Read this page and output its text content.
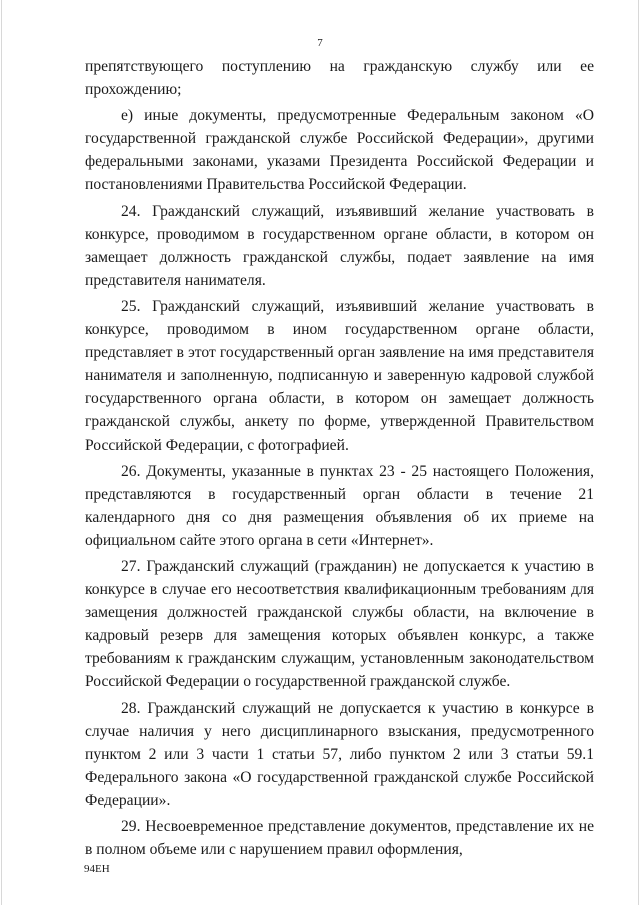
7

препятствующего поступлению на гражданскую службу или ее
прохождению;

е) иные документы, предусмотренные Федеральным законом «О государственной гражданской службе Российской Федерации», другими федеральными законами, указами Президента Российской Федерации и постановлениями Правительства Российской Федерации.

24. Гражданский служащий, изъявивший желание участвовать в конкурсе, проводимом в государственном органе области, в котором он замещает должность гражданской службы, подает заявление на имя представителя нанимателя.

25. Гражданский служащий, изъявивший желание участвовать в конкурсе, проводимом в ином государственном органе области, представляет в этот государственный орган заявление на имя представителя нанимателя и заполненную, подписанную и заверенную кадровой службой государственного органа области, в котором он замещает должность гражданской службы, анкету по форме, утвержденной Правительством Российской Федерации, с фотографией.

26. Документы, указанные в пунктах 23 - 25 настоящего Положения, представляются в государственный орган области в течение 21 календарного дня со дня размещения объявления об их приеме на официальном сайте этого органа в сети «Интернет».

27. Гражданский служащий (гражданин) не допускается к участию в конкурсе в случае его несоответствия квалификационным требованиям для замещения должностей гражданской службы области, на включение в кадровый резерв для замещения которых объявлен конкурс, а также требованиям к гражданским служащим, установленным законодательством Российской Федерации о государственной гражданской службе.

28. Гражданский служащий не допускается к участию в конкурсе в случае наличия у него дисциплинарного взыскания, предусмотренного пунктом 2 или 3 части 1 статьи 57, либо пунктом 2 или 3 статьи 59.1 Федерального закона «О государственной гражданской службе Российской Федерации».

29. Несвоевременное представление документов, представление их не в полном объеме или с нарушением правил оформления,

94EH
